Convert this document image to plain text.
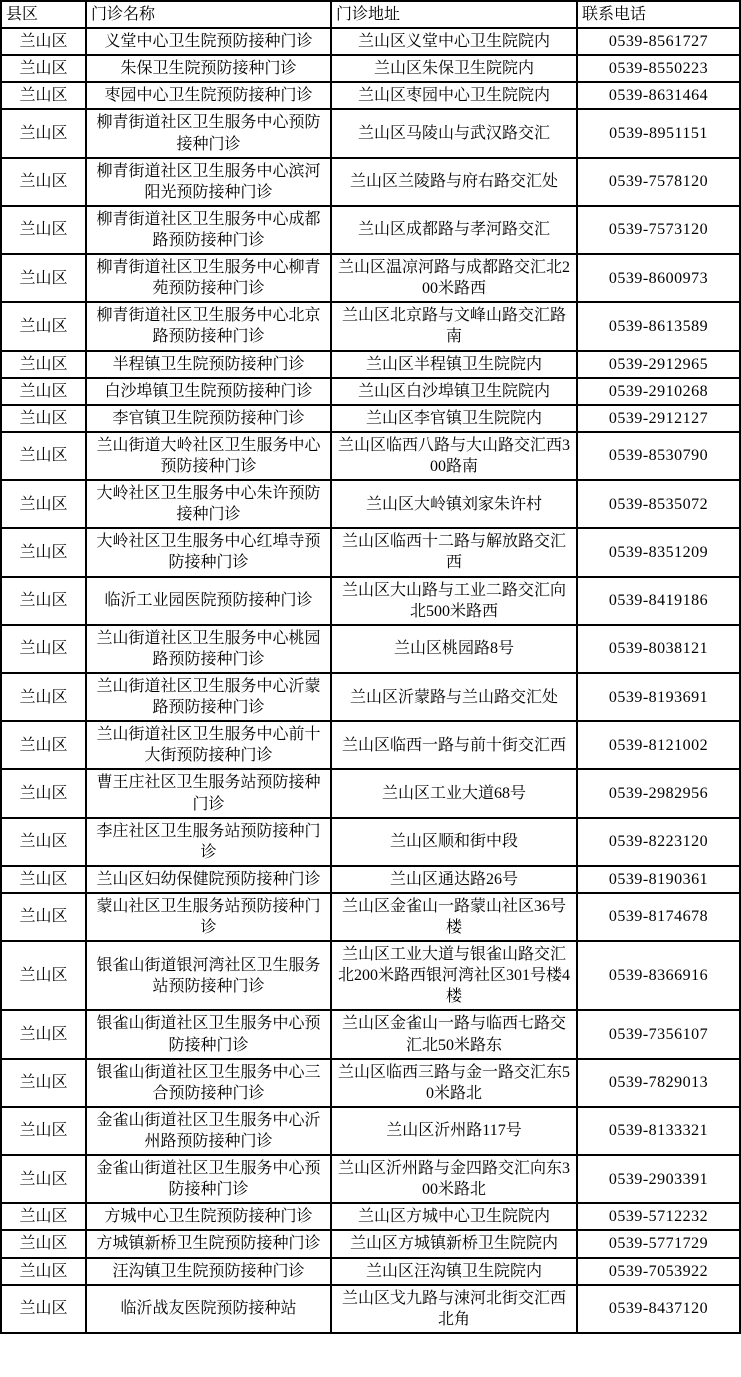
县区	门诊名称	门诊地址	联系电话
兰山区	义堂中心卫生院预防接种门诊	兰山区义堂中心卫生院院内	0539-8561727
兰山区	朱保卫生院预防接种门诊	兰山区朱保卫生院院内	0539-8550223
兰山区	枣园中心卫生院预防接种门诊	兰山区枣园中心卫生院院内	0539-8631464
兰山区	柳青街道社区卫生服务中心预防接种门诊	兰山区马陵山与武汉路交汇	0539-8951151
兰山区	柳青街道社区卫生服务中心滨河阳光预防接种门诊	兰山区兰陵路与府右路交汇处	0539-7578120
兰山区	柳青街道社区卫生服务中心成都路预防接种门诊	兰山区成都路与孝河路交汇	0539-7573120
兰山区	柳青街道社区卫生服务中心柳青苑预防接种门诊	兰山区温凉河路与成都路交汇北200米路西	0539-8600973
兰山区	柳青街道社区卫生服务中心北京路预防接种门诊	兰山区北京路与文峰山路交汇路南	0539-8613589
兰山区	半程镇卫生院预防接种门诊	兰山区半程镇卫生院院内	0539-2912965
兰山区	白沙埠镇卫生院预防接种门诊	兰山区白沙埠镇卫生院院内	0539-2910268
兰山区	李官镇卫生院预防接种门诊	兰山区李官镇卫生院院内	0539-2912127
兰山区	兰山街道大岭社区卫生服务中心预防接种门诊	兰山区临西八路与大山路交汇西300路南	0539-8530790
兰山区	大岭社区卫生服务中心朱许预防接种门诊	兰山区大岭镇刘家朱许村	0539-8535072
兰山区	大岭社区卫生服务中心红埠寺预防接种门诊	兰山区临西十二路与解放路交汇西	0539-8351209
兰山区	临沂工业园医院预防接种门诊	兰山区大山路与工业二路交汇向北500米路西	0539-8419186
兰山区	兰山街道社区卫生服务中心桃园路预防接种门诊	兰山区桃园路8号	0539-8038121
兰山区	兰山街道社区卫生服务中心沂蒙路预防接种门诊	兰山区沂蒙路与兰山路交汇处	0539-8193691
兰山区	兰山街道社区卫生服务中心前十大街预防接种门诊	兰山区临西一路与前十街交汇西	0539-8121002
兰山区	曹王庄社区卫生服务站预防接种门诊	兰山区工业大道68号	0539-2982956
兰山区	李庄社区卫生服务站预防接种门诊	兰山区顺和街中段	0539-8223120
兰山区	兰山区妇幼保健院预防接种门诊	兰山区通达路26号	0539-8190361
兰山区	蒙山社区卫生服务站预防接种门诊	兰山区金雀山一路蒙山社区36号楼	0539-8174678
兰山区	银雀山街道银河湾社区卫生服务站预防接种门诊	兰山区工业大道与银雀山路交汇北200米路西银河湾社区301号楼4楼	0539-8366916
兰山区	银雀山街道社区卫生服务中心预防接种门诊	兰山区金雀山一路与临西七路交汇北50米路东	0539-7356107
兰山区	银雀山街道社区卫生服务中心三合预防接种门诊	兰山区临西三路与金一路交汇东50米路北	0539-7829013
兰山区	金雀山街道社区卫生服务中心沂州路预防接种门诊	兰山区沂州路117号	0539-8133321
兰山区	金雀山街道社区卫生服务中心预防接种门诊	兰山区沂州路与金四路交汇向东300米路北	0539-2903391
兰山区	方城中心卫生院预防接种门诊	兰山区方城中心卫生院院内	0539-5712232
兰山区	方城镇新桥卫生院预防接种门诊	兰山区方城镇新桥卫生院院内	0539-5771729
兰山区	汪沟镇卫生院预防接种门诊	兰山区汪沟镇卫生院院内	0539-7053922
兰山区	临沂战友医院预防接种站	兰山区戈九路与涑河北街交汇西北角	0539-8437120
